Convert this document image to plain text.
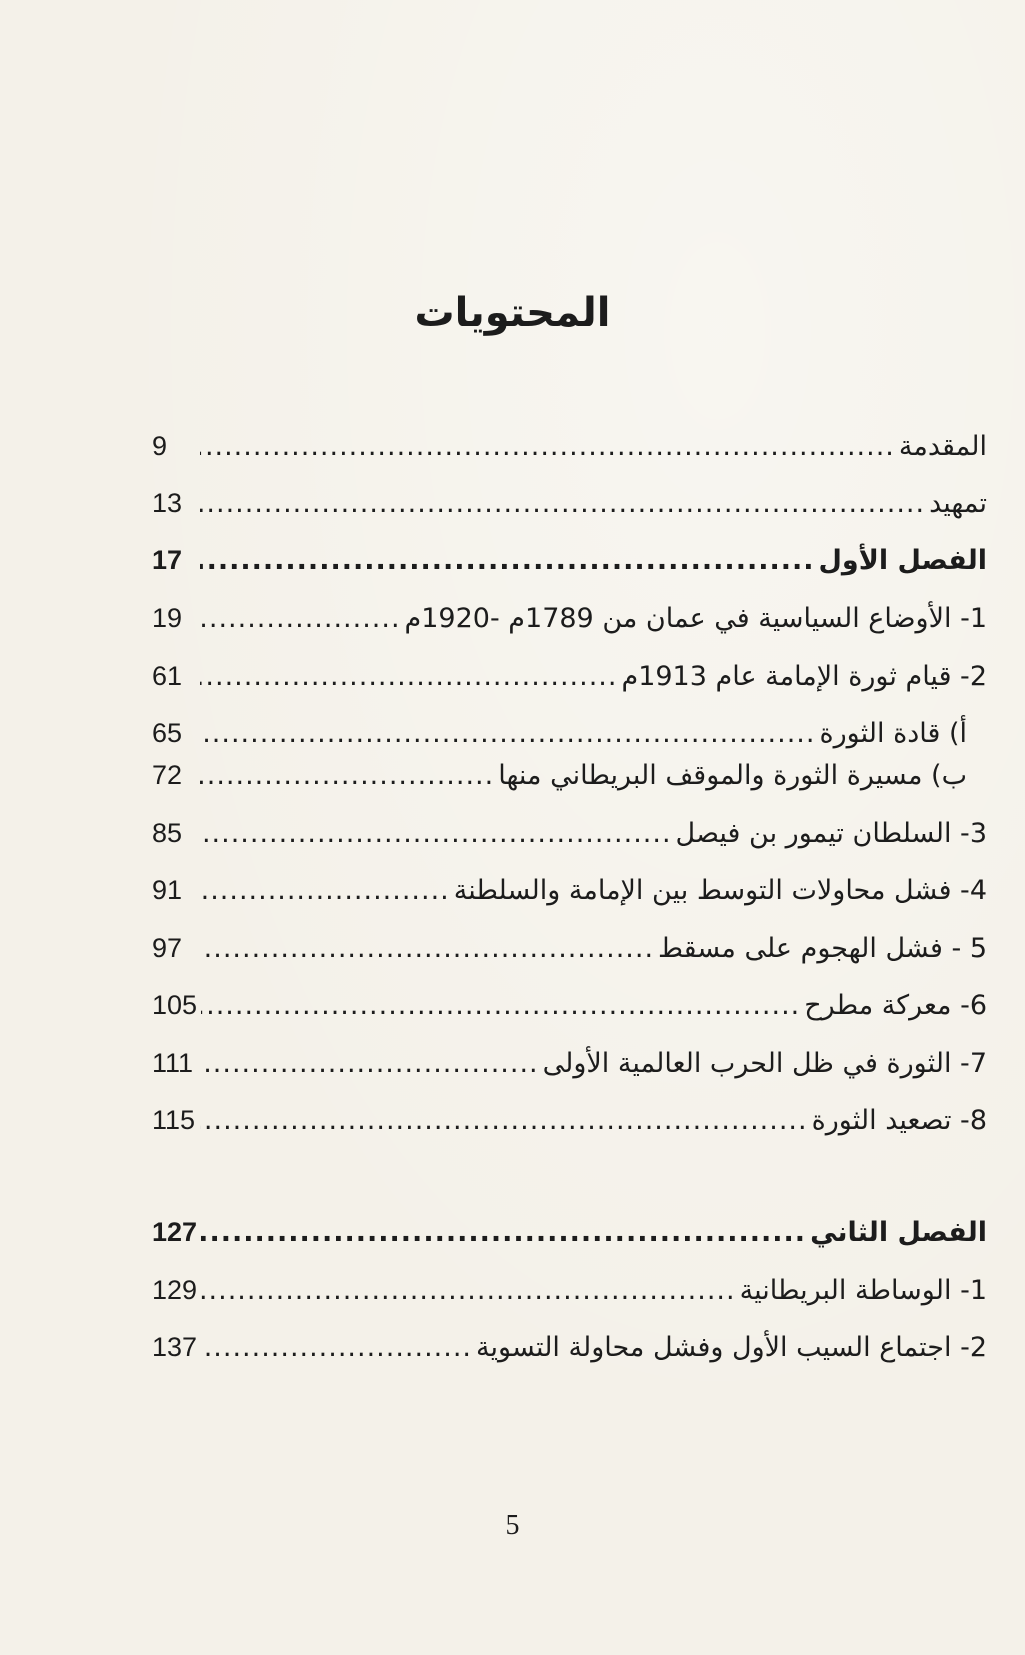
المحتويات
المقدمة
.....
9
تمهيد
.....
13
الفصل الأول
.....
17
1- الأوضاع السياسية في عمان من 1789م -1920م
.....
19
2- قيام ثورة الإمامة عام 1913م
.....
61
أ) قادة الثورة
.....
65
ب) مسيرة الثورة والموقف البريطاني منها
.....
72
3- السلطان تيمور بن فيصل
.....
85
4- فشل محاولات التوسط بين الإمامة والسلطنة
.....
91
5 - فشل الهجوم على مسقط
.....
97
6- معركة مطرح
.....
105
7- الثورة في ظل الحرب العالمية الأولى
.....
111
8- تصعيد الثورة
.....
115
الفصل الثاني
.....
127
1- الوساطة البريطانية
.....
129
2- اجتماع السيب الأول وفشل محاولة التسوية
.....
137
5
